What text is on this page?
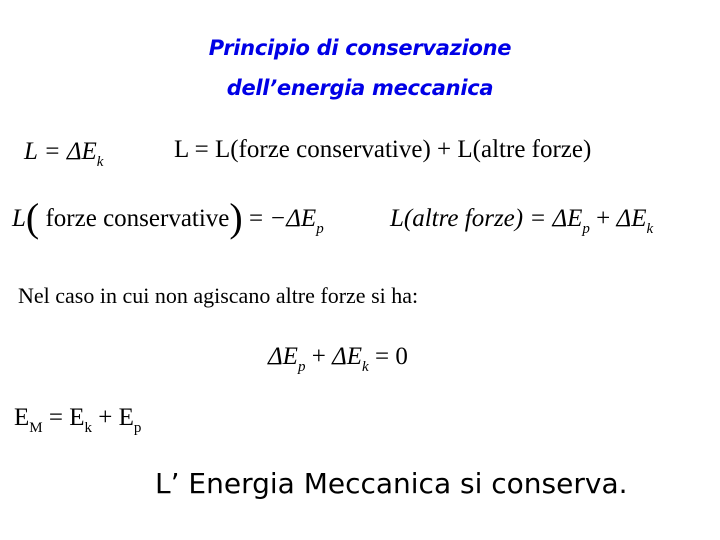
Principio di conservazione
dell’energia meccanica
$L = \Delta E_k$	L = L(forze conservative) + L(altre forze)
L( forze conservative) = $-\Delta E_p$	L(altre forze) = $\Delta E_p + \Delta E_k$
Nel caso in cui non agiscano altre forze si ha:
$\Delta E_p + \Delta E_k = 0$
$E_M = E_k + E_p$
L’ Energia Meccanica si conserva.
